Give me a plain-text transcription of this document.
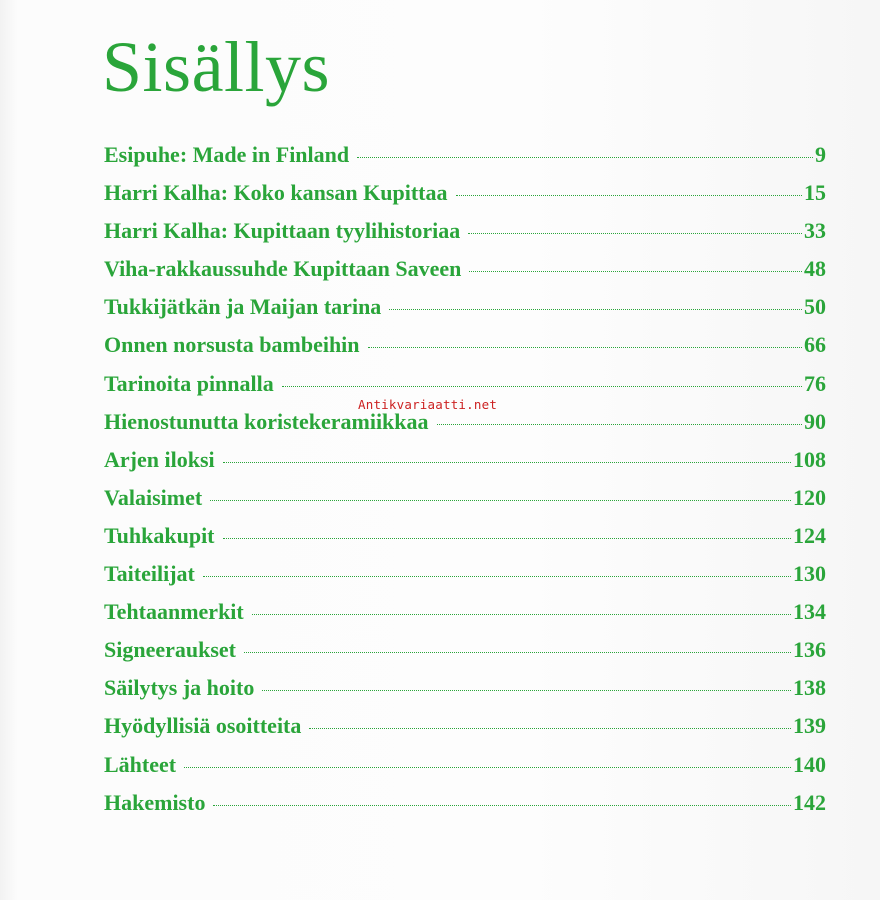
Sisällys
Esipuhe: Made in Finland	9
Harri Kalha: Koko kansan Kupittaa	15
Harri Kalha: Kupittaan tyylihistoriaa	33
Viha-rakkaussuhde Kupittaan Saveen	48
Tukkijätkän ja Maijan tarina	50
Onnen norsusta bambeihin	66
Tarinoita pinnalla	76
Hienostunutta koristekeramiikkaa	90
Arjen iloksi	108
Valaisimet	120
Tuhkakupit	124
Taiteilijat	130
Tehtaanmerkit	134
Signeeraukset	136
Säilytys ja hoito	138
Hyödyllisiä osoitteita	139
Lähteet	140
Hakemisto	142
Antikvariaatti.net
